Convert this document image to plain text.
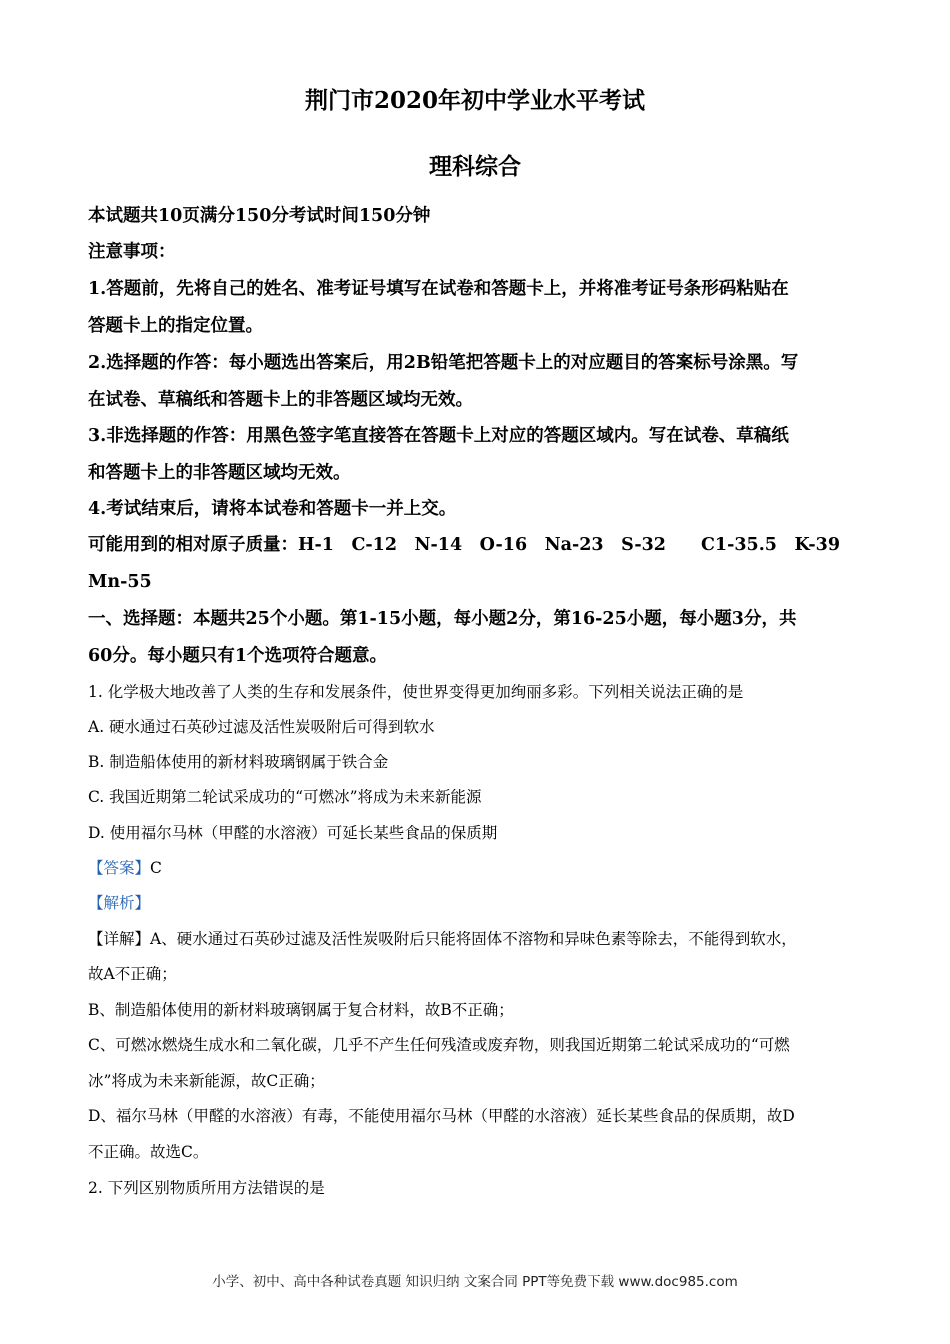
荆门市2020年初中学业水平考试
理科综合

本试题共10页满分150分考试时间150分钟

注意事项：

1.答题前，先将自己的姓名、准考证号填写在试卷和答题卡上，并将准考证号条形码粘贴在

答题卡上的指定位置。

2.选择题的作答：每小题选出答案后，用2B铅笔把答题卡上的对应题目的答案标号涂黑。写

在试卷、草稿纸和答题卡上的非答题区域均无效。

3.非选择题的作答：用黑色签字笔直接答在答题卡上对应的答题区域内。写在试卷、草稿纸

和答题卡上的非答题区域均无效。

4.考试结束后，请将本试卷和答题卡一并上交。

可能用到的相对原子质量：H-1　C-12　N-14　O-16　Na-23　S-32　　C1-35.5　K-39

Mn-55

一、选择题：本题共25个小题。第1-15小题，每小题2分，第16-25小题，每小题3分，共

60分。每小题只有1个选项符合题意。

1. 化学极大地改善了人类的生存和发展条件，使世界变得更加绚丽多彩。下列相关说法正确的是

A. 硬水通过石英砂过滤及活性炭吸附后可得到软水

B. 制造船体使用的新材料玻璃钢属于铁合金

C. 我国近期第二轮试采成功的“可燃冰”将成为未来新能源

D. 使用福尔马林（甲醛的水溶液）可延长某些食品的保质期

【答案】C

【解析】

【详解】A、硬水通过石英砂过滤及活性炭吸附后只能将固体不溶物和异味色素等除去，不能得到软水，

故A不正确；

B、制造船体使用的新材料玻璃钢属于复合材料，故B不正确；

C、可燃冰燃烧生成水和二氧化碳，几乎不产生任何残渣或废弃物，则我国近期第二轮试采成功的“可燃

冰”将成为未来新能源，故C正确；

D、福尔马林（甲醛的水溶液）有毒，不能使用福尔马林（甲醛的水溶液）延长某些食品的保质期，故D

不正确。故选C。

2. 下列区别物质所用方法错误的是

小学、初中、高中各种试卷真题 知识归纳 文案合同 PPT等免费下载 www.doc985.com
